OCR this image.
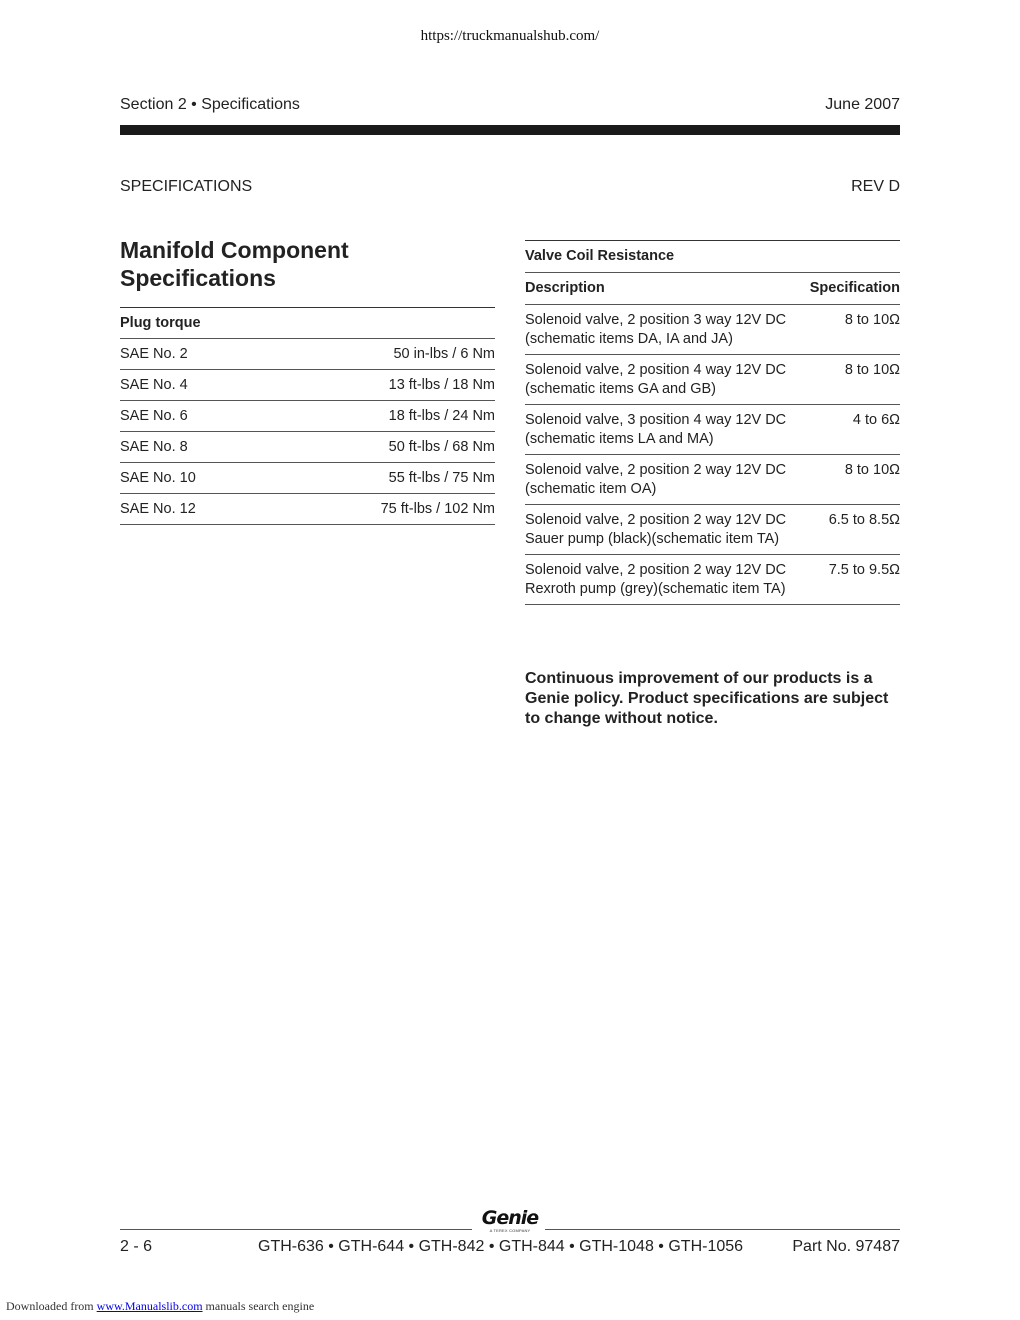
https://truckmanualshub.com/
Section 2 • Specifications	June 2007
SPECIFICATIONS	REV D
Manifold Component Specifications
Plug torque	
SAE No. 2	50 in-lbs / 6 Nm
SAE No. 4	13 ft-lbs / 18 Nm
SAE No. 6	18 ft-lbs / 24 Nm
SAE No. 8	50 ft-lbs / 68 Nm
SAE No. 10	55 ft-lbs / 75 Nm
SAE No. 12	75 ft-lbs / 102 Nm
Valve Coil Resistance	
Description	Specification

Solenoid valve, 2 position 3 way 12V DC
(schematic items DA, IA and JA)	8 to 10Ω

Solenoid valve, 2 position 4 way 12V DC
(schematic items GA and GB)	8 to 10Ω

Solenoid valve, 3 position 4 way 12V DC
(schematic items LA and MA)	4 to 6Ω

Solenoid valve, 2 position 2 way 12V DC
(schematic item OA)	8 to 10Ω

Solenoid valve, 2 position 2 way 12V DC
Sauer pump (black)(schematic item TA)	6.5 to 8.5Ω

Solenoid valve, 2 position 2 way 12V DC
Rexroth pump (grey)(schematic item TA)	7.5 to 9.5Ω
Continuous improvement of our products is a Genie policy. Product specifications are subject to change without notice.
Genie
A TEREX COMPANY
2 - 6	GTH-636 • GTH-644 • GTH-842 • GTH-844 • GTH-1048 • GTH-1056	Part No. 97487
Downloaded from www.Manualslib.com manuals search engine
